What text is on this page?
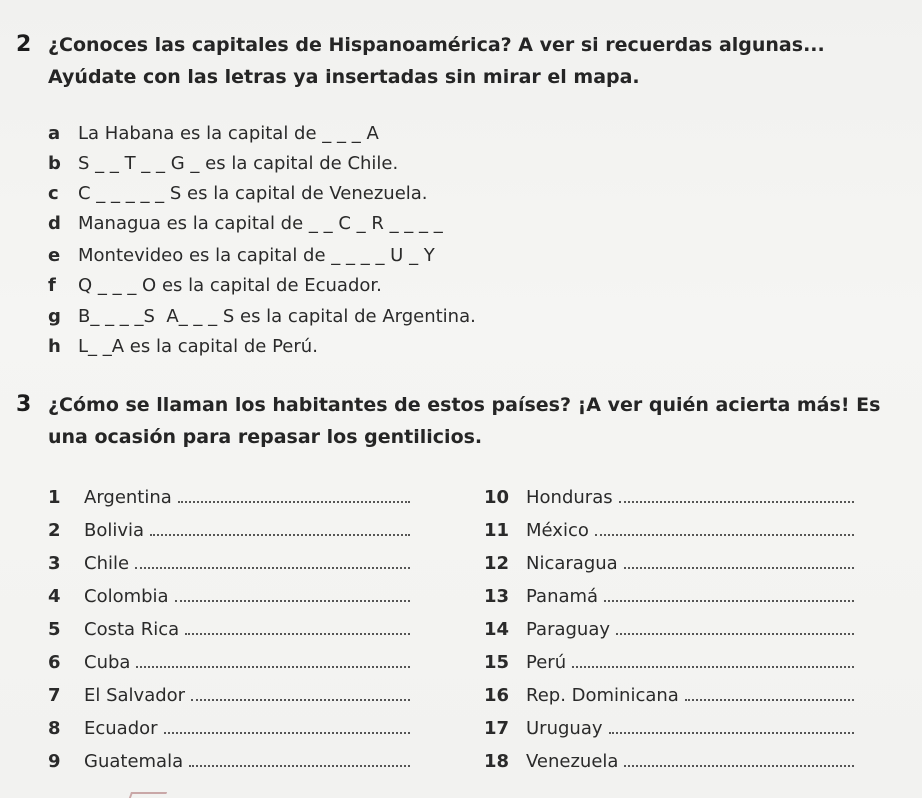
2 ¿Conoces las capitales de Hispanoamérica? A ver si recuerdas algunas...
Ayúdate con las letras ya insertadas sin mirar el mapa.
a La Habana es la capital de _ _ _ A
b S _ _ T _ _ G _ es la capital de Chile.
c C _ _ _ _ _ S es la capital de Venezuela.
d Managua es la capital de _ _ C _ R _ _ _ _
e Montevideo es la capital de _ _ _ _ U _ Y
f Q _ _ _ O es la capital de Ecuador.
g B_ _ _ _S  A_ _ _ S es la capital de Argentina.
h L_ _A es la capital de Perú.
3 ¿Cómo se llaman los habitantes de estos países? ¡A ver quién acierta más! Es
una ocasión para repasar los gentilicios.
1	Argentina
2	Bolivia
3	Chile
4	Colombia
5	Costa Rica
6	Cuba
7	El Salvador
8	Ecuador
9	Guatemala
10 Honduras
11 México
12 Nicaragua
13 Panamá
14 Paraguay
15 Perú
16 Rep. Dominicana
17 Uruguay
18 Venezuela
